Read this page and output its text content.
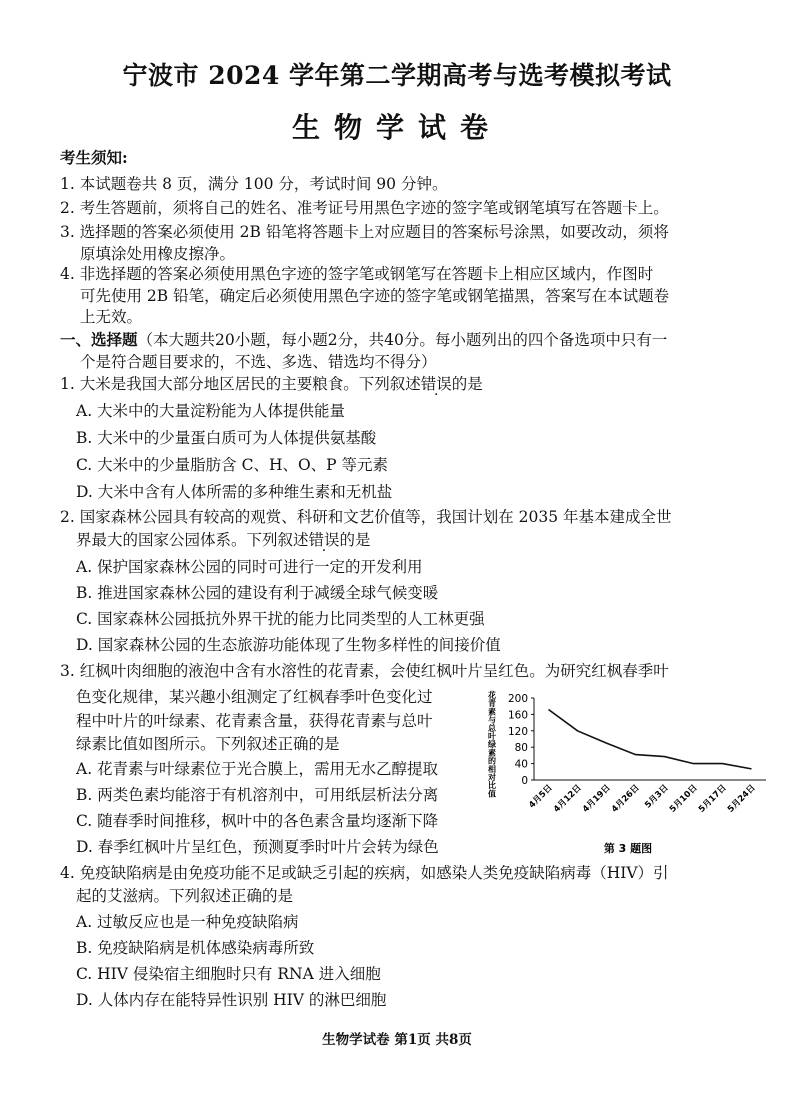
宁波市 2024 学年第二学期高考与选考模拟考试
生物学试卷
考生须知:
1. 本试题卷共 8 页，满分 100 分，考试时间 90 分钟。
2. 考生答题前，须将自己的姓名、准考证号用黑色字迹的签字笔或钢笔填写在答题卡上。
3. 选择题的答案必须使用 2B 铅笔将答题卡上对应题目的答案标号涂黑，如要改动，须将
原填涂处用橡皮擦净。
4. 非选择题的答案必须使用黑色字迹的签字笔或钢笔写在答题卡上相应区域内，作图时
可先使用 2B 铅笔，确定后必须使用黑色字迹的签字笔或钢笔描黑，答案写在本试题卷
上无效。
一、选择题（本大题共20小题，每小题2分，共40分。每小题列出的四个备选项中只有一
个是符合题目要求的，不选、多选、错选均不得分）
1. 大米是我国大部分地区居民的主要粮食。下列叙述错误的是
A. 大米中的大量淀粉能为人体提供能量
B. 大米中的少量蛋白质可为人体提供氨基酸
C. 大米中的少量脂肪含 C、H、O、P 等元素
D. 大米中含有人体所需的多种维生素和无机盐
2. 国家森林公园具有较高的观赏、科研和文艺价值等，我国计划在 2035 年基本建成全世
界最大的国家公园体系。下列叙述错误的是
A. 保护国家森林公园的同时可进行一定的开发利用
B. 推进国家森林公园的建设有利于减缓全球气候变暖
C. 国家森林公园抵抗外界干扰的能力比同类型的人工林更强
D. 国家森林公园的生态旅游功能体现了生物多样性的间接价值
3. 红枫叶肉细胞的液泡中含有水溶性的花青素，会使红枫叶片呈红色。为研究红枫春季叶
色变化规律，某兴趣小组测定了红枫春季叶色变化过
程中叶片的叶绿素、花青素含量，获得花青素与总叶
绿素比值如图所示。下列叙述正确的是
A. 花青素与叶绿素位于光合膜上，需用无水乙醇提取
B. 两类色素均能溶于有机溶剂中，可用纸层析法分离
C. 随春季时间推移，枫叶中的各色素含量均逐渐下降
D. 春季红枫叶片呈红色，预测夏季时叶片会转为绿色
花
青
素
与
总
叶
绿
素
的
相
对
比
值
0
40
80
120
160
200
4月5日
4月12日
4月19日
4月26日 5月3日
5月10日
5月17日
5月24日
第 3 题图
4. 免疫缺陷病是由免疫功能不足或缺乏引起的疾病，如感染人类免疫缺陷病毒（HIV）引
起的艾滋病。下列叙述正确的是
A. 过敏反应也是一种免疫缺陷病
B. 免疫缺陷病是机体感染病毒所致
C. HIV 侵染宿主细胞时只有 RNA 进入细胞
D. 人体内存在能特异性识别 HIV 的淋巴细胞
生物学试卷 第1页 共8页
